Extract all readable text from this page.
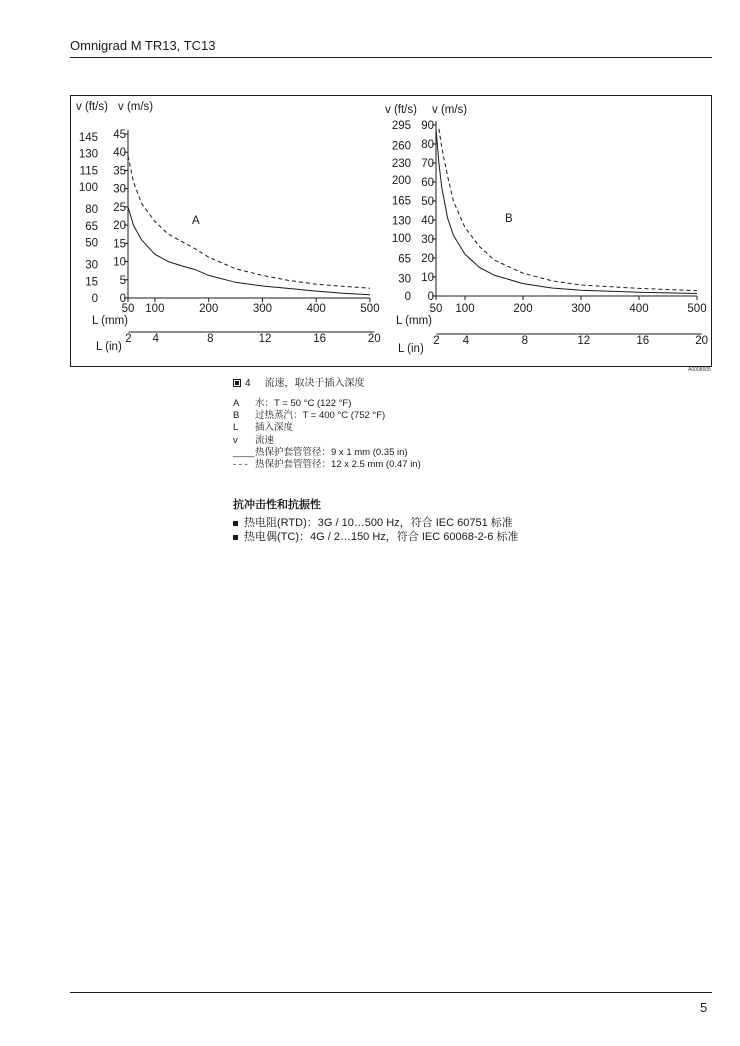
Omnigrad M TR13, TC13
v (ft/s) v (m/s)
0
5
10
15
20
25
30
35
40
45
0
15
30
50
65
80
100
115
130
145
50 100	200	300	400	500
L (mm)
2 4	8	12	16	20
L (in)
A
v (ft/s) v (m/s)
0
10
20
30
40
50
60
70
80
90
0
30
65
100
130
165
200
230
260
295
50 100	200	300	400	500
L (mm)
2 4	8	12	16	20
L (in)
B
A0008605
4 流速，取决于插入深度
A	水：T = 50 °C (122 °F)
B	过热蒸汽：T = 400 °C (752 °F)
L	插入深度
v	流速
____ 热保护套管管径：9 x 1 mm (0.35 in)
- - - 热保护套管管径：12 x 2.5 mm (0.47 in)
抗冲击性和抗振性
热电阻(RTD)：3G / 10…500 Hz，符合 IEC 60751 标准
热电偶(TC)：4G / 2…150 Hz，符合 IEC 60068-2-6 标准
5
